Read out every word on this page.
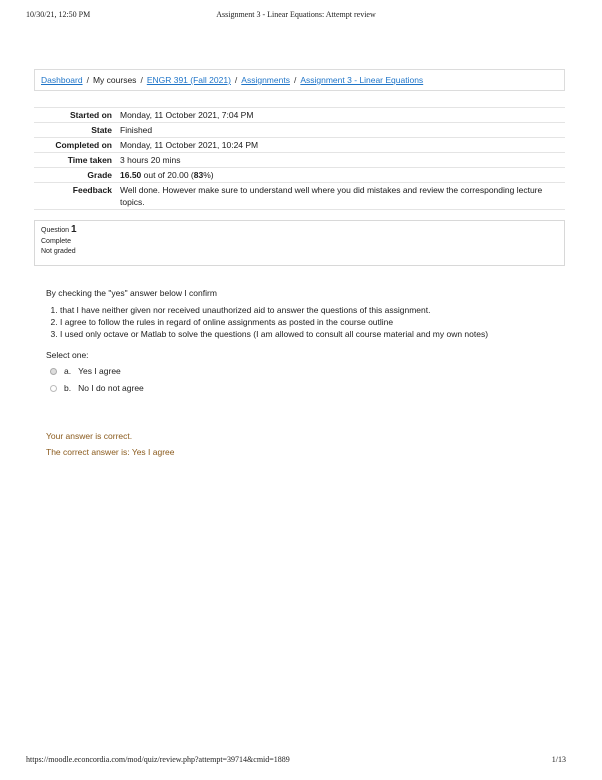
10/30/21, 12:50 PM	Assignment 3 - Linear Equations: Attempt review
Dashboard / My courses / ENGR 391 (Fall 2021) / Assignments / Assignment 3 - Linear Equations
Started on	Monday, 11 October 2021, 7:04 PM
State	Finished
Completed on	Monday, 11 October 2021, 10:24 PM
Time taken	3 hours 20 mins
Grade	16.50 out of 20.00 (83%)
Feedback	Well done. However make sure to understand well where you did mistakes and review the corresponding lecture topics.
Question 1
Complete
Not graded
By checking the "yes" answer below I confirm
1. that I have neither given nor received unauthorized aid to answer the questions of this assignment.
2. I agree to follow the rules in regard of online assignments as posted in the course outline
3. I used only octave or Matlab to solve the questions (I am allowed to consult all course material and my own notes)
Select one:
a. Yes I agree
b. No I do not agree
Your answer is correct.
The correct answer is: Yes I agree
https://moodle.econcordia.com/mod/quiz/review.php?attempt=39714&cmid=1889	1/13
